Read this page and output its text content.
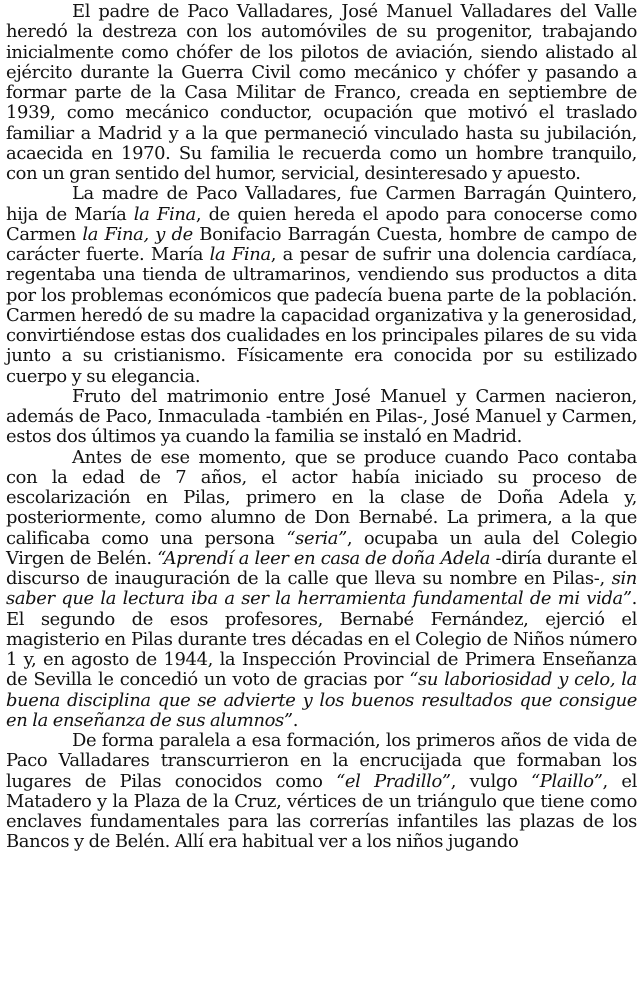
El padre de Paco Valladares, José Manuel Valladares del Valle heredó la destreza con los automóviles de su progenitor, trabajando inicialmente como chófer de los pilotos de aviación, siendo alistado al ejército durante la Guerra Civil como mecánico y chófer y pasando a formar parte de la Casa Militar de Franco, creada en septiembre de 1939, como mecánico conductor, ocupación que motivó el traslado familiar a Madrid y a la que permaneció vinculado hasta su jubilación, acaecida en 1970. Su familia le recuerda como un hombre tranquilo, con un gran sentido del humor, servicial, desinteresado y apuesto.

La madre de Paco Valladares, fue Carmen Barragán Quintero, hija de María la Fina, de quien hereda el apodo para conocerse como Carmen la Fina, y de Bonifacio Barragán Cuesta, hombre de campo de carácter fuerte. María la Fina, a pesar de sufrir una dolencia cardíaca, regentaba una tienda de ultramarinos, vendiendo sus productos a dita por los problemas económicos que padecía buena parte de la población. Carmen heredó de su madre la capacidad organizativa y la generosidad, convirtiéndose estas dos cualidades en los principales pilares de su vida junto a su cristianismo. Físicamente era conocida por su estilizado cuerpo y su elegancia.

Fruto del matrimonio entre José Manuel y Carmen nacieron, además de Paco, Inmaculada -también en Pilas-, José Manuel y Carmen, estos dos últimos ya cuando la familia se instaló en Madrid.

Antes de ese momento, que se produce cuando Paco contaba con la edad de 7 años, el actor había iniciado su proceso de escolarización en Pilas, primero en la clase de Doña Adela y, posteriormente, como alumno de Don Bernabé. La primera, a la que calificaba como una persona “seria”, ocupaba un aula del Colegio Virgen de Belén. “Aprendí a leer en casa de doña Adela -diría durante el discurso de inauguración de la calle que lleva su nombre en Pilas-, sin saber que la lectura iba a ser la herramienta fundamental de mi vida”. El segundo de esos profesores, Bernabé Fernández, ejerció el magisterio en Pilas durante tres décadas en el Colegio de Niños número 1 y, en agosto de 1944, la Inspección Provincial de Primera Enseñanza de Sevilla le concedió un voto de gracias por “su laboriosidad y celo, la buena disciplina que se advierte y los buenos resultados que consigue en la enseñanza de sus alumnos”.

De forma paralela a esa formación, los primeros años de vida de Paco Valladares transcurrieron en la encrucijada que formaban los lugares de Pilas conocidos como “el Pradillo”, vulgo “Plaillo”, el Matadero y la Plaza de la Cruz, vértices de un triángulo que tiene como enclaves fundamentales para las correrías infantiles las plazas de los Bancos y de Belén. Allí era habitual ver a los niños jugando
